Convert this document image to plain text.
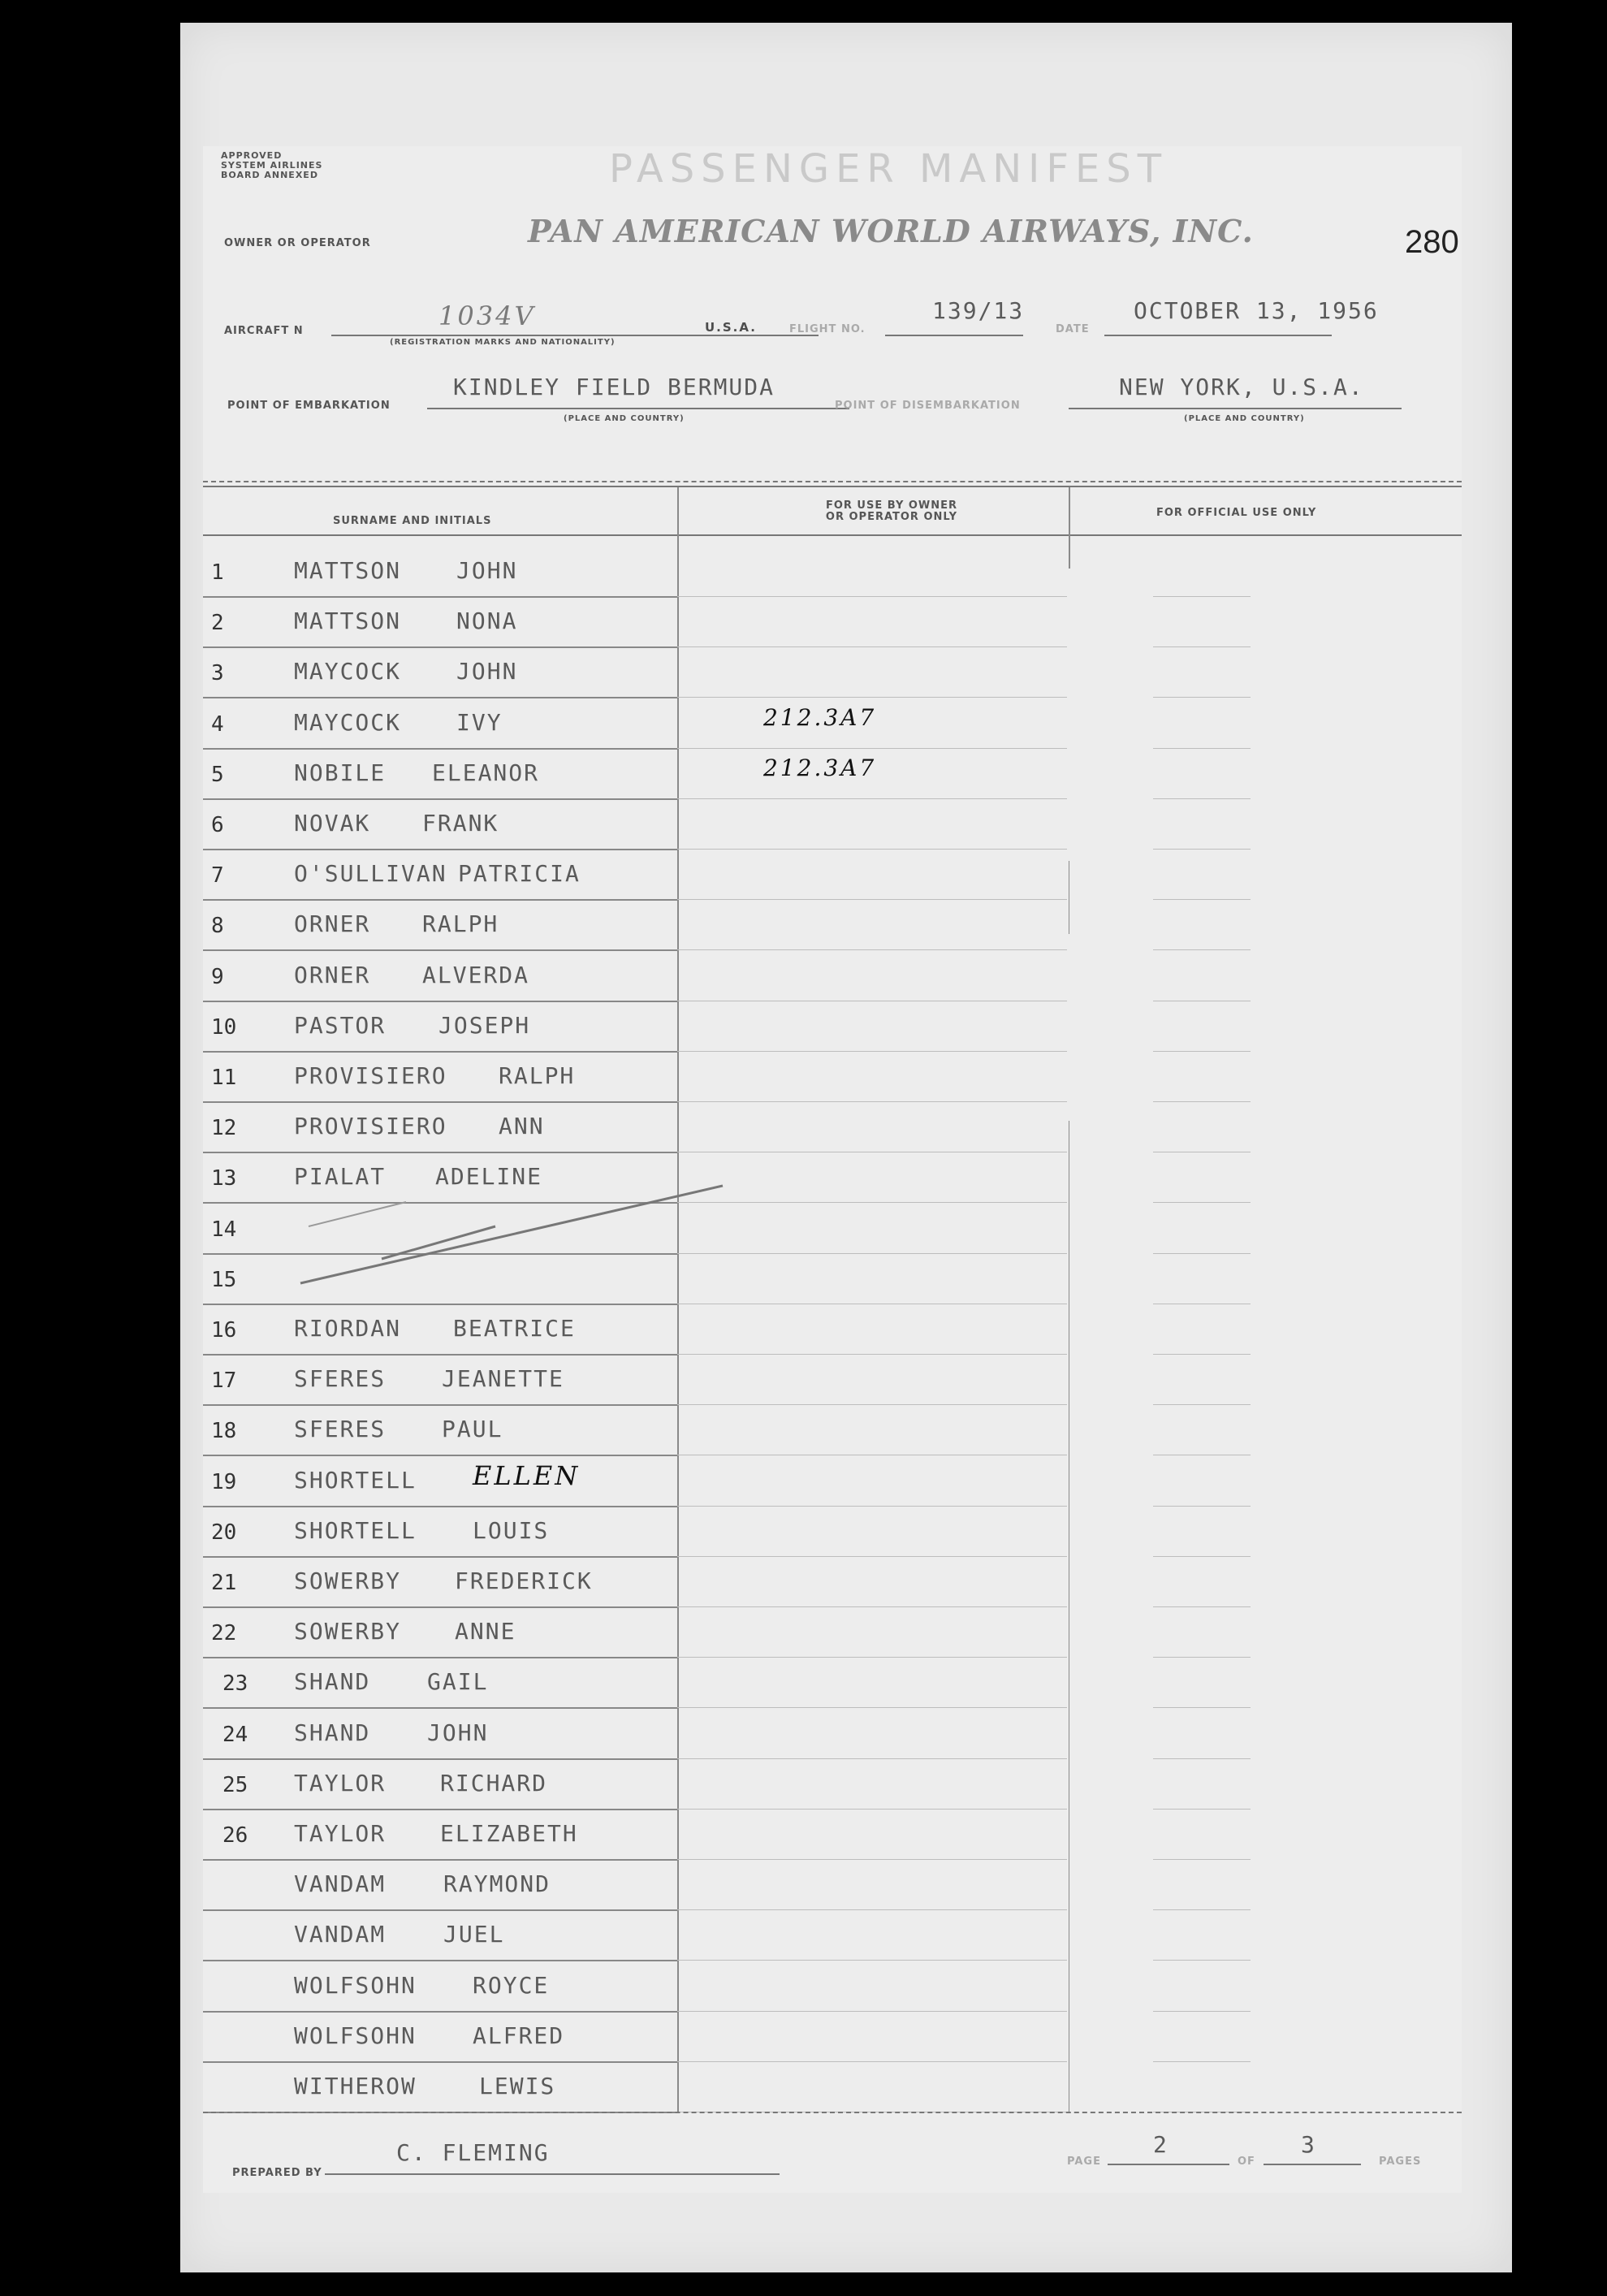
APPROVED
SYSTEM AIRLINES
BOARD ANNEXED	PASSENGER MANIFEST
280
OWNER OR OPERATOR	PAN AMERICAN WORLD AIRWAYS, INC.
AIRCRAFT N	1034V
(REGISTRATION MARKS AND NATIONALITY)
U.S.A.	FLIGHT NO.
139/13
DATE
OCTOBER 13, 1956
POINT OF EMBARKATION
KINDLEY FIELD BERMUDA
(PLACE AND COUNTRY)
POINT OF DISEMBARKATION
NEW YORK, U.S.A.
(PLACE AND COUNTRY)
SURNAME AND INITIALS
FOR USE BY OWNER
OR OPERATOR ONLY	FOR OFFICIAL USE ONLY
1	MATTSON JOHN
2	MATTSON NONA
3	MAYCOCK JOHN
4	MAYCOCK IVY	212.3A7
5	NOBILE ELEANOR	212.3A7
6	NOVAK FRANK
7	O'SULLIVAN PATRICIA
8	ORNER RALPH
9	ORNER ALVERDA
10	PASTOR JOSEPH
11	PROVISIERO RALPH
12	PROVISIERO ANN
13	PIALAT ADELINE
14
15
16	RIORDAN BEATRICE
17	SFERES JEANETTE
18	SFERES PAUL
19	SHORTELL ELLEN
20	SHORTELL LOUIS
21	SOWERBY FREDERICK
22	SOWERBY ANNE
23 SHAND GAIL
24 SHAND JOHN
25 TAYLOR RICHARD
26 TAYLOR ELIZABETH
VANDAM	RAYMOND
VANDAM	JUEL
WOLFSOHN ROYCE
WOLFSOHN ALFRED
WITHEROW	LEWIS
PREPARED BY
C. FLEMING	PAGE
2
OF
3
PAGES
